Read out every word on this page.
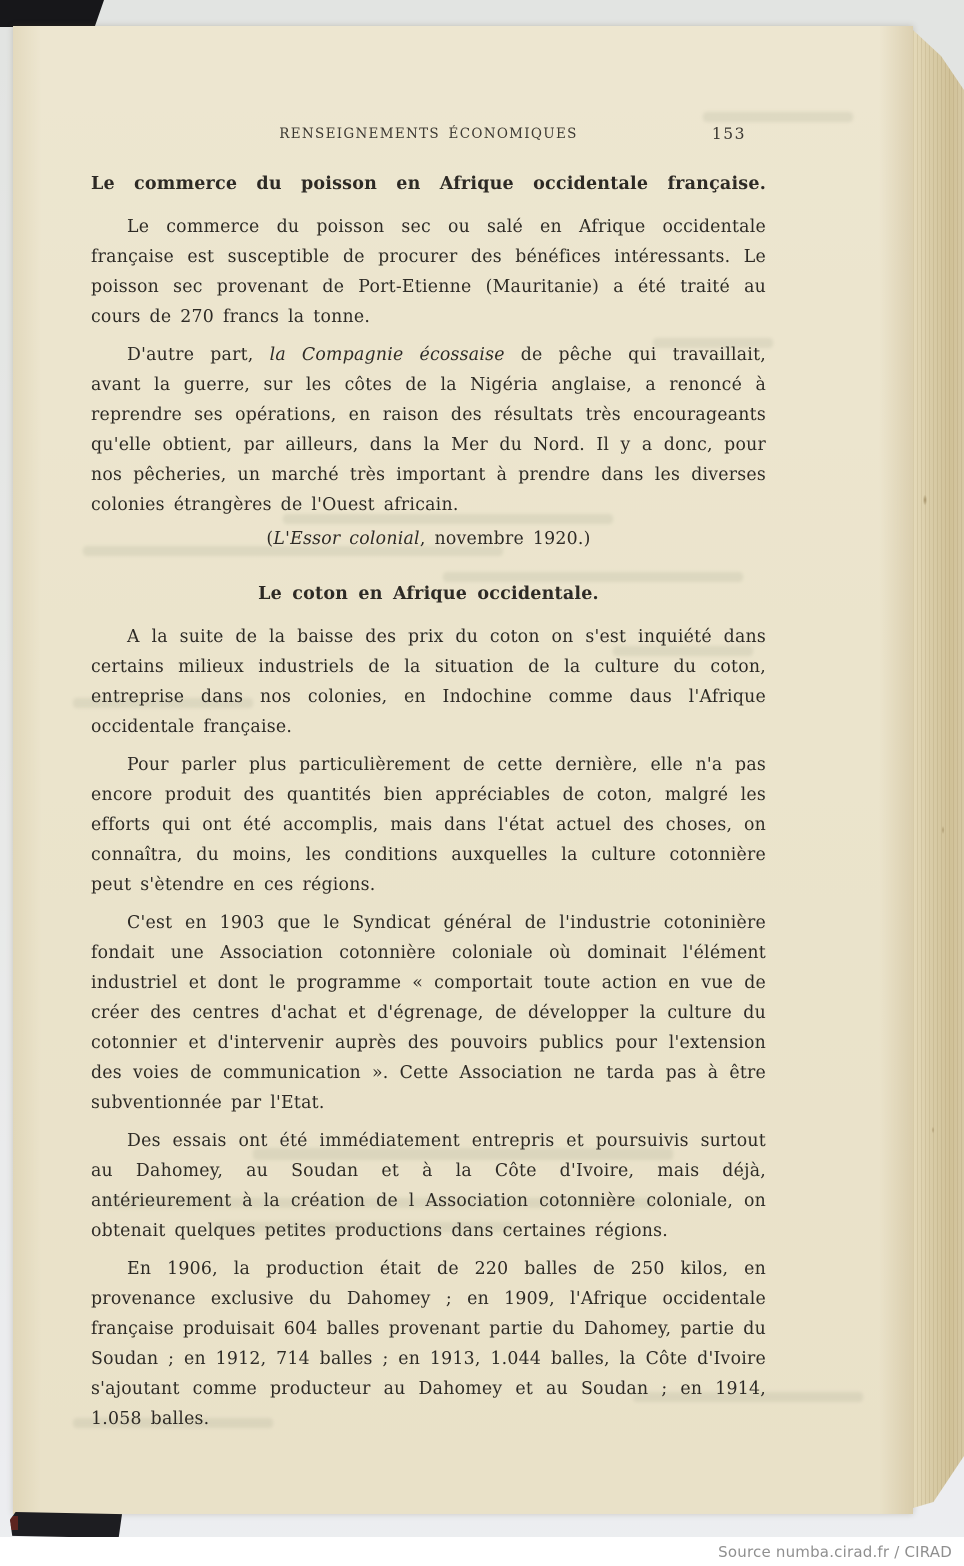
RENSEIGNEMENTS ÉCONOMIQUES	153
Le commerce du poisson en Afrique occidentale française.

Le commerce du poisson sec ou salé en Afrique occidentale française est susceptible de procurer des bénéfices intéressants. Le poisson sec provenant de Port-Etienne (Mauritanie) a été traité au cours de 270 francs la tonne.

D'autre part, la Compagnie écossaise de pêche qui travaillait, avant la guerre, sur les côtes de la Nigéria anglaise, a renoncé à reprendre ses opérations, en raison des résultats très encourageants qu'elle obtient, par ailleurs, dans la Mer du Nord. Il y a donc, pour nos pêcheries, un marché très important à prendre dans les diverses colonies étrangères de l'Ouest africain.

(L'Essor colonial, novembre 1920.)

Le coton en Afrique occidentale.

A la suite de la baisse des prix du coton on s'est inquiété dans certains milieux industriels de la situation de la culture du coton, entreprise dans nos colonies, en Indochine comme daus l'Afrique occidentale française.

Pour parler plus particulièrement de cette dernière, elle n'a pas encore produit des quantités bien appréciables de coton, malgré les efforts qui ont été accomplis, mais dans l'état actuel des choses, on connaîtra, du moins, les conditions auxquelles la culture cotonnière peut s'ètendre en ces régions.

C'est en 1903 que le Syndicat général de l'industrie cotoninière fondait une Association cotonnière coloniale où dominait l'élément industriel et dont le programme « comportait toute action en vue de créer des centres d'achat et d'égrenage, de développer la culture du cotonnier et d'intervenir auprès des pouvoirs publics pour l'extension des voies de communication ». Cette Association ne tarda pas à être subventionnée par l'Etat.

Des essais ont été immédiatement entrepris et poursuivis surtout au Dahomey, au Soudan et à la Côte d'Ivoire, mais déjà, antérieurement à la création de l Association cotonnière coloniale, on obtenait quelques petites productions dans certaines régions.

En 1906, la production était de 220 balles de 250 kilos, en provenance exclusive du Dahomey ; en 1909, l'Afrique occidentale française produisait 604 balles provenant partie du Dahomey, partie du Soudan ; en 1912, 714 balles ; en 1913, 1.044 balles, la Côte d'Ivoire s'ajoutant comme producteur au Dahomey et au Soudan ; en 1914, 1.058 balles.

Source numba.cirad.fr / CIRAD
